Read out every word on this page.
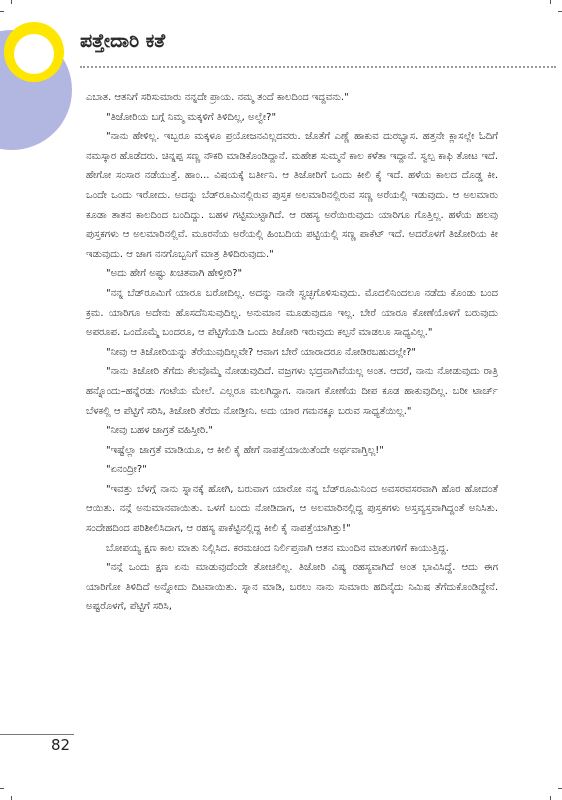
ಪತ್ತೇದಾರಿ ಕತೆ

ಎಬಾತ. ಆತನಿಗೆ ಸರಿಸುಮಾರು ನನ್ನದೇ ಪ್ರಾಯ. ನಮ್ಮ ತಂದೆ ಕಾಲದಿಂದ ಇದ್ದವನು."

"ತಿಜೋರಿಯ ಬಗ್ಗೆ ನಿಮ್ಮ ಮಕ್ಕಳಿಗೆ ತಿಳಿದಿಲ್ಲ, ಅಲ್ವೇ?"

"ನಾನು ಹೇಳಿಲ್ಲ. ಇಬ್ಬರೂ ಮಕ್ಕಳೂ ಪ್ರಯೋಜನವಿಲ್ಲದವರು. ಜೊತೆಗೆ ಎಣ್ಣೆ ಹಾಕುವ ದುರಭ್ಯಾಸ. ಹತ್ತನೇ ಕ್ಲಾಸಲ್ಲೇ ಓದಿಗೆ ನಮಸ್ಕಾರ ಹೊಡೆದರು. ಚಿನ್ನಪ್ಪ ಸಣ್ಣ ನೌಕರಿ ಮಾಡಿಕೊಂಡಿದ್ದಾನೆ. ಮಹೇಶ ಸುಮ್ಮನೆ ಕಾಲ ಕಳೆತಾ ಇದ್ದಾನೆ. ಸ್ವಲ್ಪ ಕಾಫಿ ತೋಟ ಇದೆ. ಹೇಗೋ ಸಂಸಾರ ನಡೆಯುತ್ತೆ. ಹಾಂ... ವಿಷಯಕ್ಕೆ ಬರ್ತೀನಿ. ಆ ತಿಜೋರಿಗೆ ಒಂದು ಕೀಲಿ ಕೈ ಇದೆ. ಹಳೆಯ ಕಾಲದ ದೊಡ್ಡ ಕೀ. ಒಂದೇ ಒಂದು ಇರೋದು. ಅದನ್ನು ಬೆಡ್‌ರೂಮಿನಲ್ಲಿರುವ ಪುಸ್ತಕ ಅಲಮಾರಿನಲ್ಲಿರುವ ಸಣ್ಣ ಅರೆಯಲ್ಲಿ ಇಡುವುದು. ಆ ಅಲಮಾರು ಕೂಡಾ ತಾತನ ಕಾಲದಿಂದ ಬಂದಿದ್ದು. ಬಹಳ ಗಟ್ಟಿಮುಟ್ಟಾಗಿದೆ. ಆ ರಹಸ್ಯ ಅರೆಯಿರುವುದು ಯಾರಿಗೂ ಗೊತ್ತಿಲ್ಲ. ಹಳೆಯ ಹಲವು ಪುಸ್ತಕಗಳು ಆ ಅಲಮಾರಿನಲ್ಲಿವೆ. ಮೂರನೆಯ ಅರೆಯಲ್ಲಿ ಹಿಂಬದಿಯ ಪಟ್ಟಿಯಲ್ಲಿ ಸಣ್ಣ ಪಾಕೆಟ್ ಇದೆ. ಅದರೊಳಗೆ ತಿಜೋರಿಯ ಕೀ ಇಡುವುದು. ಆ ಜಾಗ ನನಗೊಬ್ಬನಿಗೆ ಮಾತ್ರ ತಿಳಿದಿರುವುದು."

"ಅದು ಹೇಗೆ ಅಷ್ಟು ಖಚಿತವಾಗಿ ಹೇಳ್ತೀರಿ?"

"ನನ್ನ ಬೆಡ್‌ರೂಮಿಗೆ ಯಾರೂ ಬರೋದಿಲ್ಲ. ಅದನ್ನು ನಾನೇ ಸ್ವಚ್ಛಗೊಳಿಸುವುದು. ಮೊದಲಿನಿಂದಲೂ ನಡೆದು ಕೊಂಡು ಬಂದ ಕ್ರಮ. ಯಾರಿಗೂ ಅದೇನು ಹೊಸದೆನಿಸುವುದಿಲ್ಲ. ಅನುಮಾನ ಮೂಡುವುದೂ ಇಲ್ಲ. ಬೇರೆ ಯಾರೂ ಕೋಣೆಯೊಳಗೆ ಬರುವುದು ಅಪರೂಪ. ಒಂದೊಮ್ಮೆ ಬಂದರೂ, ಆ ಪೆಟ್ಟಿಗೆಯಡಿ ಒಂದು ತಿಜೋರಿ ಇರುವುದು ಕಲ್ಪನೆ ಮಾಡಲೂ ಸಾಧ್ಯವಿಲ್ಲ."

"ನೀವು ಆ ತಿಜೋರಿಯನ್ನು ತೆರೆಯುವುದಿಲ್ಲವೇ? ಆವಾಗ ಬೇರೆ ಯಾರಾದರೂ ನೋಡಿರಬಹುದಲ್ಲೇ?"

"ನಾನು ತಿಜೋರಿ ತೆಗೆದು ಕೆಲವೊಮ್ಮೆ ನೋಡುವುದಿದೆ. ವಜ್ರಗಳು ಭದ್ರವಾಗಿವೆಯಲ್ಲ ಅಂತ. ಆದರೆ, ನಾನು ನೋಡುವುದು ರಾತ್ರಿ ಹನ್ನೊಂದು–ಹನ್ನೆರಡು ಗಂಟೆಯ ಮೇಲೆ. ಎಲ್ಲರೂ ಮಲಗಿದ್ದಾಗ. ನಾನಾಗ ಕೋಣೆಯ ದೀಪ ಕೂಡ ಹಾಕುವುದಿಲ್ಲ. ಬರೀ ಟಾರ್ಚ್ ಬೆಳಕಲ್ಲಿ ಆ ಪೆಟ್ಟಿಗೆ ಸರಿಸಿ, ತಿಜೋರಿ ತೆರೆದು ನೋಡ್ತೀನಿ. ಅದು ಯಾರ ಗಮನಕ್ಕೂ ಬರುವ ಸಾಧ್ಯತೆಯಿಲ್ಲ."

"ನೀವು ಬಹಳ ಜಾಗ್ರತೆ ವಹಿಸ್ತೀರಿ."

"ಇಷ್ಟೆಲ್ಲಾ ಜಾಗ್ರತೆ ಮಾಡಿಯೂ, ಆ ಕೀಲಿ ಕೈ ಹೇಗೆ ನಾಪತ್ತೆಯಾಯಿತೆಂದೇ ಅರ್ಥವಾಗ್ತಿಲ್ಲ!"

"ಏನಂದ್ರೀ?"

"ಇವತ್ತು ಬೆಳಗ್ಗೆ ನಾನು ಸ್ನಾನಕ್ಕೆ ಹೋಗಿ, ಬರುವಾಗ ಯಾರೋ ನನ್ನ ಬೆಡ್‌ರೂಮಿನಿಂದ ಅವಸರವಸರವಾಗಿ ಹೊರ ಹೋದಂತೆ ಆಯಿತು. ನನ್ಗೆ ಅನುಮಾನವಾಯಿತು. ಒಳಗೆ ಬಂದು ನೋಡಿದಾಗ, ಆ ಅಲಮಾರಿನಲ್ಲಿದ್ದ ಪುಸ್ತಕಗಳು ಅಸ್ತವ್ಯಸ್ತವಾಗಿದ್ದಂತೆ ಅನಿಸಿತು. ಸಂದೇಹದಿಂದ ಪರಿಶೀಲಿಸಿದಾಗ, ಆ ರಹಸ್ಯ ಪಾಕೆಟ್ಟಿನಲ್ಲಿದ್ದ ಕೀಲಿ ಕೈ ನಾಪತ್ತೆಯಾಗಿತ್ತು!"

ಬೋಪಯ್ಯ ಕ್ಷಣ ಕಾಲ ಮಾತು ನಿಲ್ಲಿಸಿದ. ಕರಮಚಂದ ನಿರ್ಲಿಪ್ತನಾಗಿ ಆತನ ಮುಂದಿನ ಮಾತುಗಳಿಗೆ ಕಾಯುತ್ತಿದ್ದ.

"ನನ್ಗೆ ಒಂದು ಕ್ಷಣ ಏನು ಮಾಡುವುದೆಂದೇ ತೋಚಲಿಲ್ಲ. ತಿಜೋರಿ ವಿಷ್ಯ ರಹಸ್ಯವಾಗಿದೆ ಅಂತ ಭಾವಿಸಿದ್ದೆ. ಆದು ಈಗ ಯಾರಿಗೋ ತಿಳಿದಿದೆ ಅನ್ನೋದು ದಿಟವಾಯಿತು. ಸ್ನಾನ ಮಾಡಿ, ಬರಲು ನಾನು ಸುಮಾರು ಹದಿನೈದು ನಿಮಿಷ ತೆಗೆದುಕೊಂಡಿದ್ದೇನೆ. ಅಷ್ಟರೊಳಗೆ, ಪೆಟ್ಟಿಗೆ ಸರಿಸಿ,

82
